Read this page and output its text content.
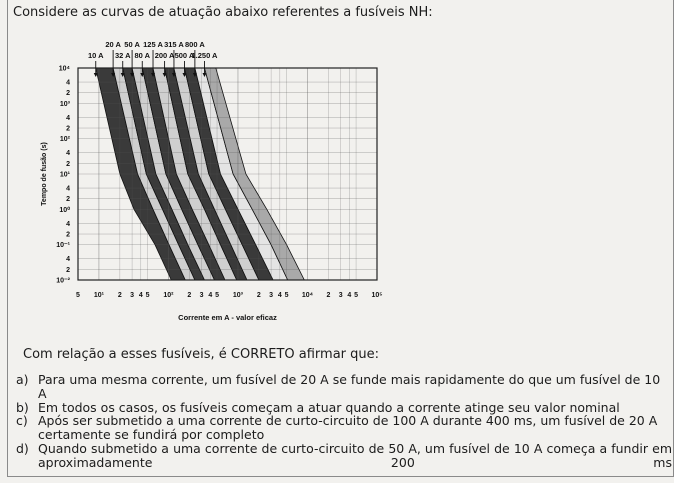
Considere as curvas de atuação abaixo referentes a fusíveis NH:
20 A 50 A 125 A 315 A 800 A
10 A 32 A 80 A 200 A 500 A
1.250 A
10⁴
4
2
10³
4
2
10²
4
2
10¹
4
2
10⁰
4
2
10⁻¹
4
2
10⁻²
5 10¹ 2 3 4 5 10² 2 3 4 5 10³ 2 3 4 5 10⁴ 2 3 4 5 10⁵
Corrente em A - valor eficaz
Tempo de fusão (s)
Com relação a esses fusíveis, é CORRETO afirmar que:
a) Para uma mesma corrente, um fusível de 20 A se funde mais rapidamente do que um fusível de 10 A
b) Em todos os casos, os fusíveis começam a atuar quando a corrente atinge seu valor nominal
c) Após ser submetido a uma corrente de curto-circuito de 100 A durante 400 ms, um fusível de 20 A certamente se fundirá por completo
d) Quando submetido a uma corrente de curto-circuito de 50 A, um fusível de 10 A começa a fundir em aproximadamente 200 ms
